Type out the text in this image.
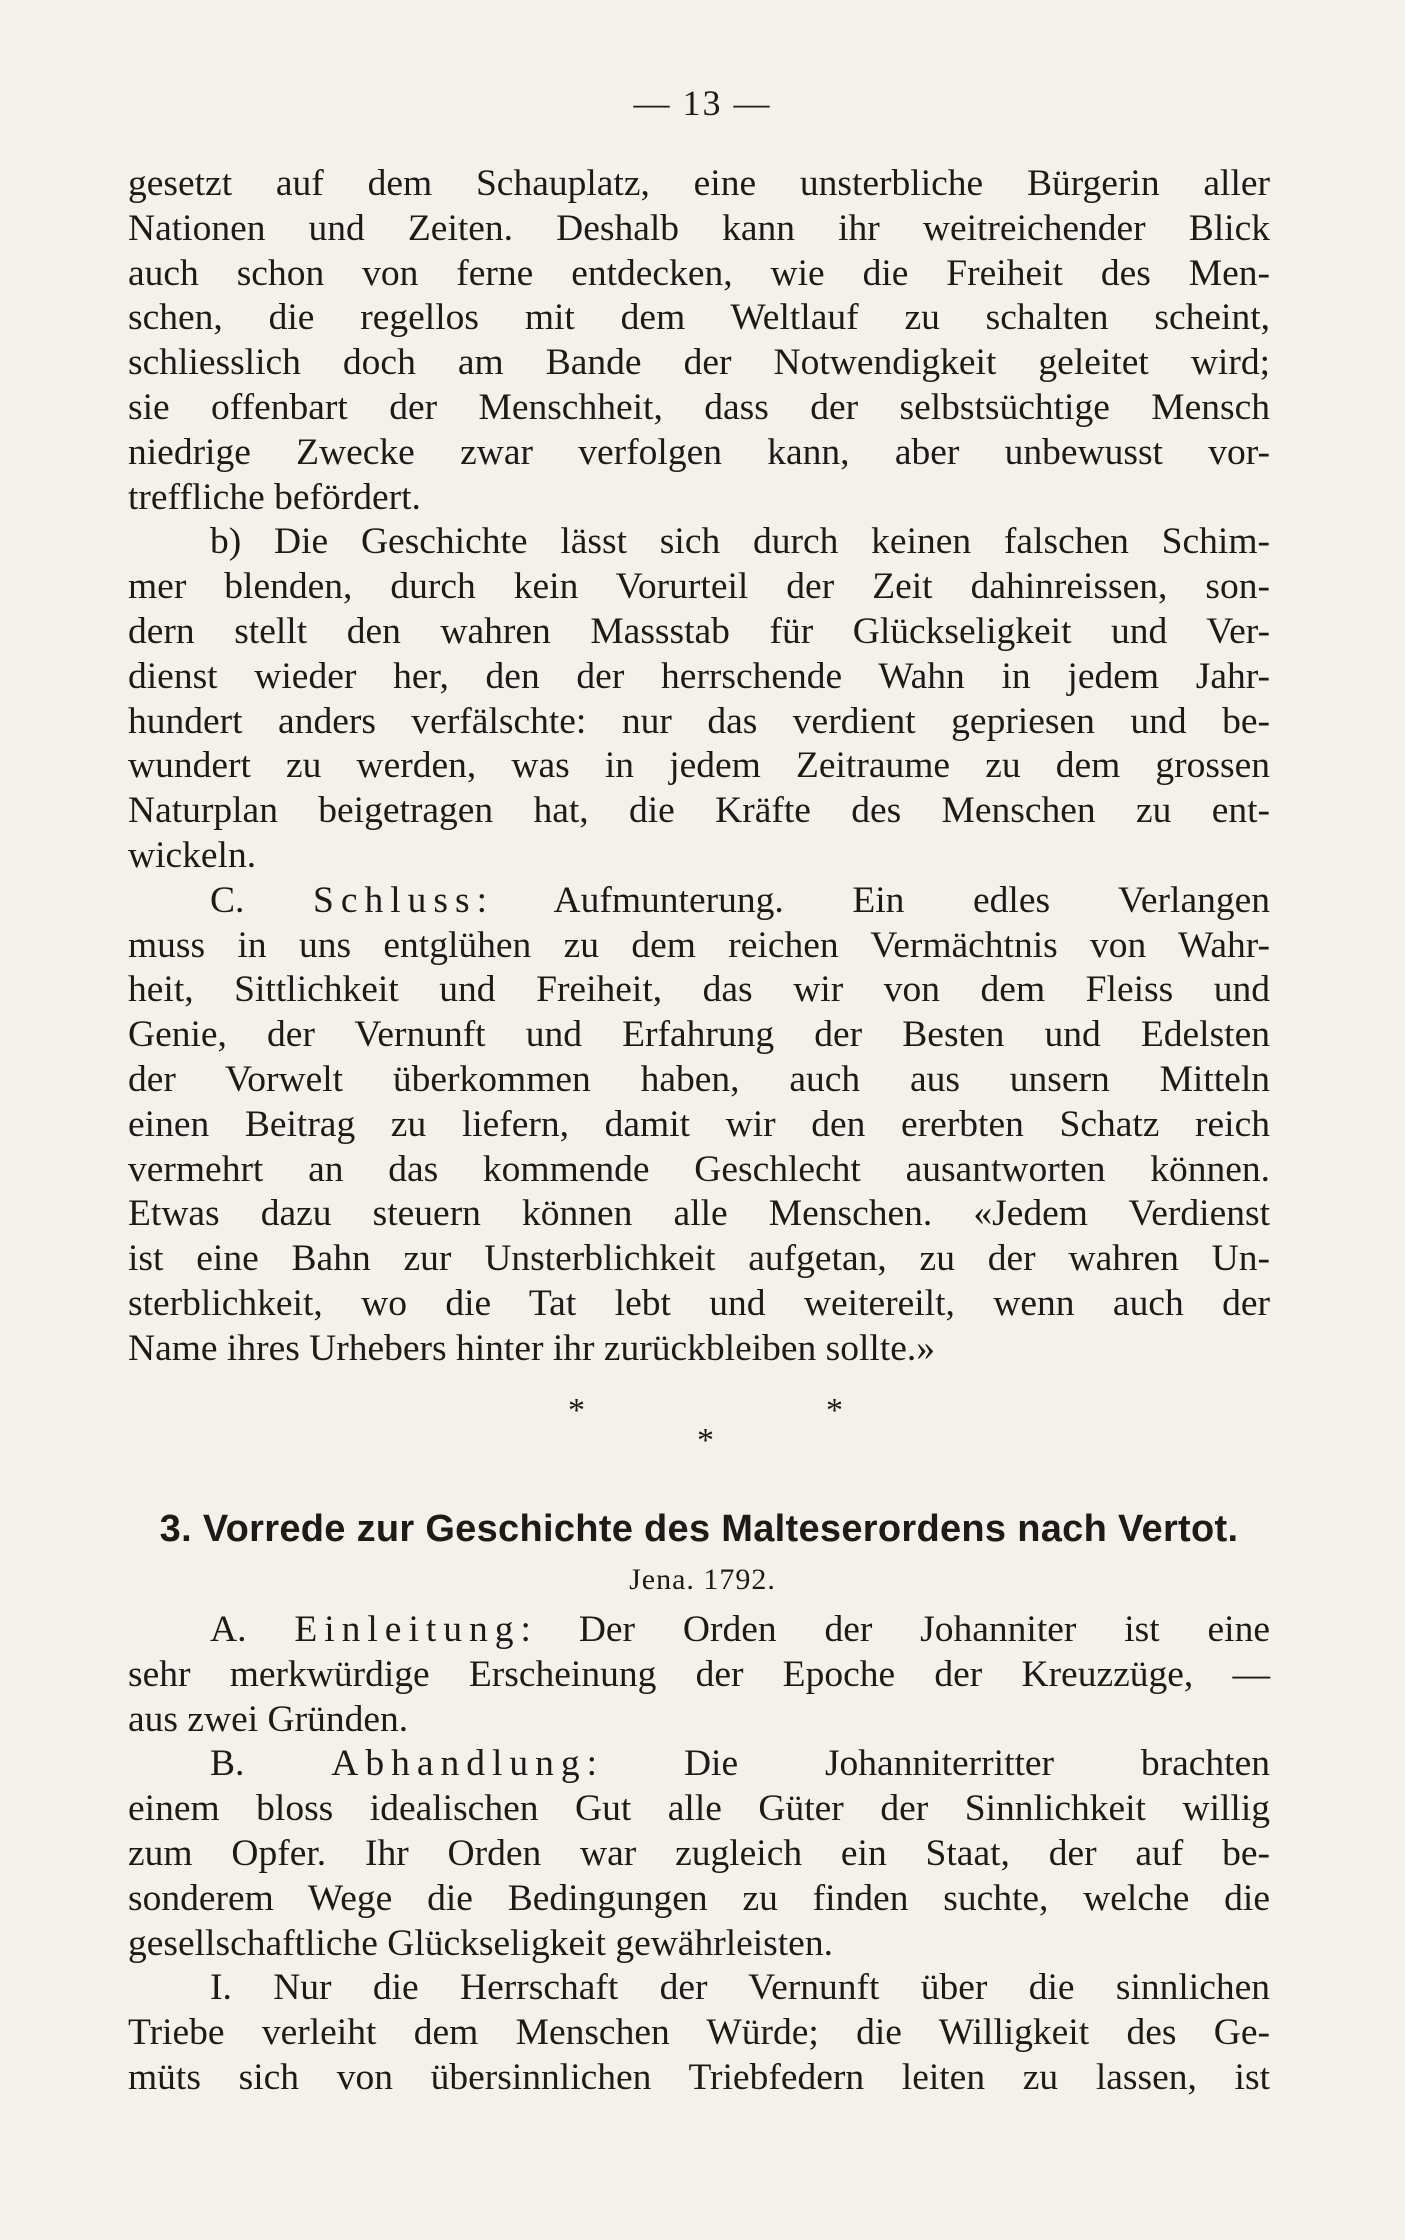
— 13 —
gesetzt auf dem Schauplatz, eine unsterbliche Bürgerin aller
Nationen und Zeiten. Deshalb kann ihr weitreichender Blick
auch schon von ferne entdecken, wie die Freiheit des Men-
schen, die regellos mit dem Weltlauf zu schalten scheint,
schliesslich doch am Bande der Notwendigkeit geleitet wird;
sie offenbart der Menschheit, dass der selbstsüchtige Mensch
niedrige Zwecke zwar verfolgen kann, aber unbewusst vor-
treffliche befördert.
b) Die Geschichte lässt sich durch keinen falschen Schim-
mer blenden, durch kein Vorurteil der Zeit dahinreissen, son-
dern stellt den wahren Massstab für Glückseligkeit und Ver-
dienst wieder her, den der herrschende Wahn in jedem Jahr-
hundert anders verfälschte: nur das verdient gepriesen und be-
wundert zu werden, was in jedem Zeitraume zu dem grossen
Naturplan beigetragen hat, die Kräfte des Menschen zu ent-
wickeln.
C. Schluss: Aufmunterung. Ein edles Verlangen
muss in uns entglühen zu dem reichen Vermächtnis von Wahr-
heit, Sittlichkeit und Freiheit, das wir von dem Fleiss und
Genie, der Vernunft und Erfahrung der Besten und Edelsten
der Vorwelt überkommen haben, auch aus unsern Mitteln
einen Beitrag zu liefern, damit wir den ererbten Schatz reich
vermehrt an das kommende Geschlecht ausantworten können.
Etwas dazu steuern können alle Menschen. «Jedem Verdienst
ist eine Bahn zur Unsterblichkeit aufgetan, zu der wahren Un-
sterblichkeit, wo die Tat lebt und weitereilt, wenn auch der
Name ihres Urhebers hinter ihr zurückbleiben sollte.»
*	*
*
3. Vorrede zur Geschichte des Malteserordens nach Vertot.
Jena. 1792.
A. Einleitung: Der Orden der Johanniter ist eine
sehr merkwürdige Erscheinung der Epoche der Kreuzzüge, —
aus zwei Gründen.
B. Abhandlung: Die Johanniterritter brachten
einem bloss idealischen Gut alle Güter der Sinnlichkeit willig
zum Opfer. Ihr Orden war zugleich ein Staat, der auf be-
sonderem Wege die Bedingungen zu finden suchte, welche die
gesellschaftliche Glückseligkeit gewährleisten.
I. Nur die Herrschaft der Vernunft über die sinnlichen
Triebe verleiht dem Menschen Würde; die Willigkeit des Ge-
müts sich von übersinnlichen Triebfedern leiten zu lassen, ist
